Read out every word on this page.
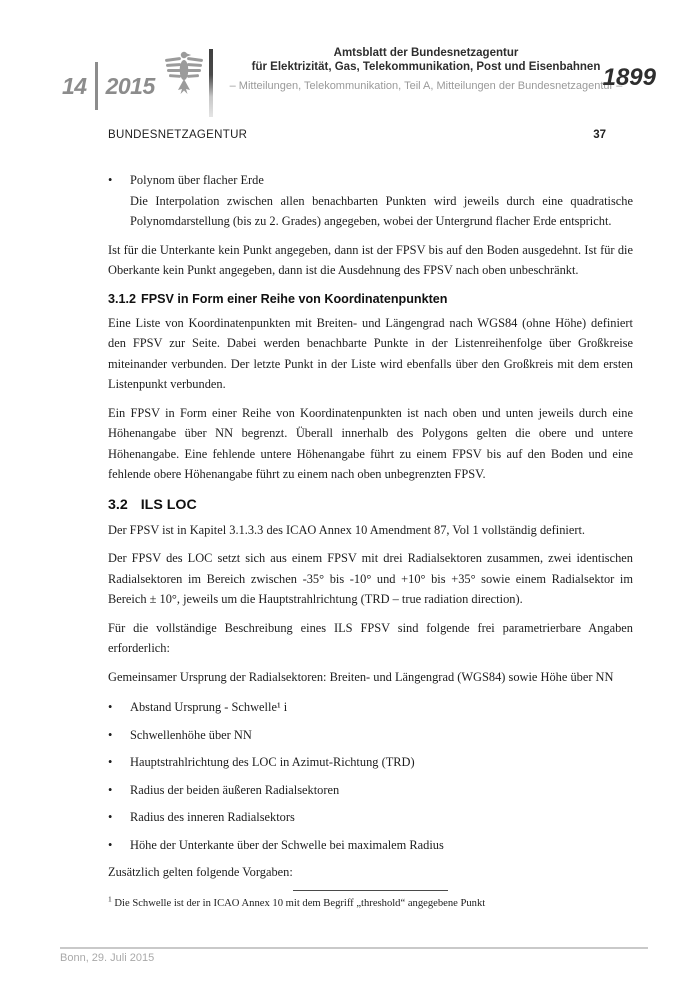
14 2015
Amtsblatt der Bundesnetzagentur
für Elektrizität, Gas, Telekommunikation, Post und Eisenbahnen
– Mitteilungen, Telekommunikation, Teil A, Mitteilungen der Bundesnetzagentur –
1899
BUNDESNETZAGENTUR	37
•	Polynom über flacher Erde

Die Interpolation zwischen allen benachbarten Punkten wird jeweils durch eine quadratische Polynomdarstellung (bis zu 2. Grades) angegeben, wobei der Untergrund flacher Erde entspricht.

Ist für die Unterkante kein Punkt angegeben, dann ist der FPSV bis auf den Boden ausgedehnt. Ist für die Oberkante kein Punkt angegeben, dann ist die Ausdehnung des FPSV nach oben unbeschränkt.

3.1.2 FPSV in Form einer Reihe von Koordinatenpunkten

Eine Liste von Koordinatenpunkten mit Breiten- und Längengrad nach WGS84 (ohne Höhe) definiert den FPSV zur Seite. Dabei werden benachbarte Punkte in der Listenreihenfolge über Großkreise miteinander verbunden. Der letzte Punkt in der Liste wird ebenfalls über den Großkreis mit dem ersten Listenpunkt verbunden.

Ein FPSV in Form einer Reihe von Koordinatenpunkten ist nach oben und unten jeweils durch eine Höhenangabe über NN begrenzt. Überall innerhalb des Polygons gelten die obere und untere Höhenangabe. Eine fehlende untere Höhenangabe führt zu einem FPSV bis auf den Boden und eine fehlende obere Höhenangabe führt zu einem nach oben unbegrenzten FPSV.

3.2 ILS LOC

Der FPSV ist in Kapitel 3.1.3.3 des ICAO Annex 10 Amendment 87, Vol 1 vollständig definiert.

Der FPSV des LOC setzt sich aus einem FPSV mit drei Radialsektoren zusammen, zwei identischen Radialsektoren im Bereich zwischen -35° bis -10° und +10° bis +35° sowie einem Radialsektor im Bereich ± 10°, jeweils um die Hauptstrahlrichtung (TRD – true radiation direction).

Für die vollständige Beschreibung eines ILS FPSV sind folgende frei parametrierbare Angaben erforderlich:

Gemeinsamer Ursprung der Radialsektoren: Breiten- und Längengrad (WGS84) sowie Höhe über NN

•	Abstand Ursprung - Schwelle¹ i
•	Schwellenhöhe über NN
•	Hauptstrahlrichtung des LOC in Azimut-Richtung (TRD)
•	Radius der beiden äußeren Radialsektoren
•	Radius des inneren Radialsektors
•	Höhe der Unterkante über der Schwelle bei maximalem Radius

Zusätzlich gelten folgende Vorgaben:

$^1$ Die Schwelle ist der in ICAO Annex 10 mit dem Begriff „threshold“ angegebene Punkt

Bonn, 29. Juli 2015
